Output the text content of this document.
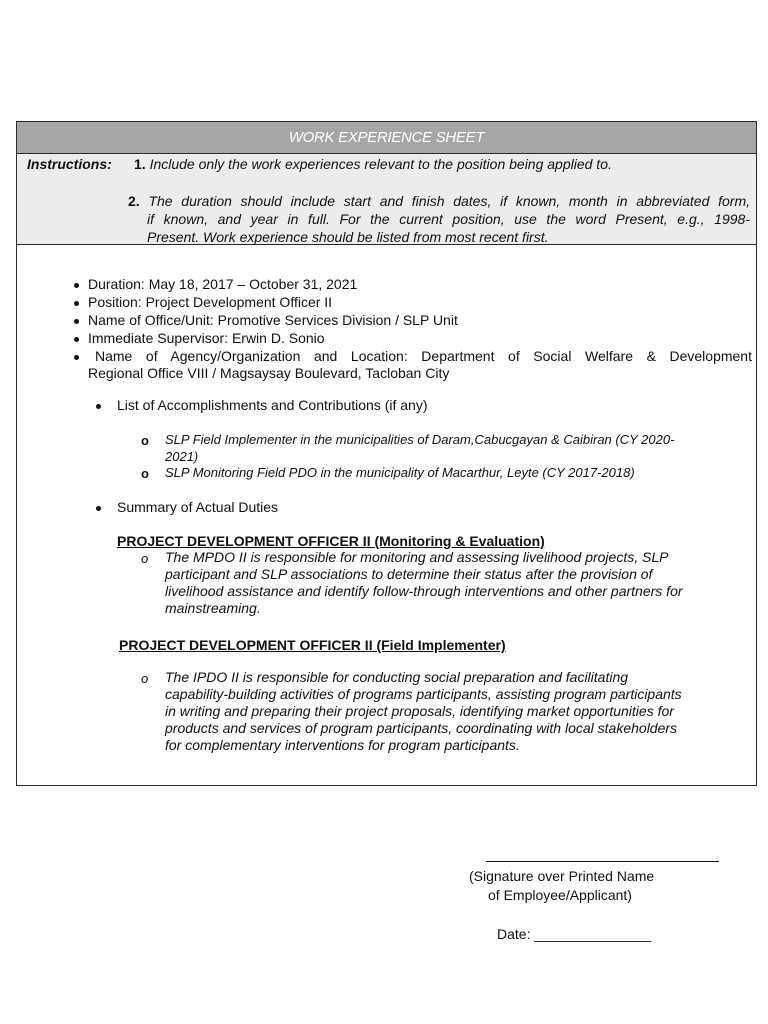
WORK EXPERIENCE SHEET
Instructions: 1. Include only the work experiences relevant to the position being applied to.
2. The duration should include start and finish dates, if known, month in abbreviated form,
if known, and year in full. For the current position, use the word Present, e.g., 1998-
Present. Work experience should be listed from most recent first.
Duration: May 18, 2017 – October 31, 2021
Position: Project Development Officer II
Name of Office/Unit: Promotive Services Division / SLP Unit
Immediate Supervisor: Erwin D. Sonio
Name of Agency/Organization and Location: Department of Social Welfare & Development
Regional Office VIII / Magsaysay Boulevard, Tacloban City
List of Accomplishments and Contributions (if any)
o SLP Field Implementer in the municipalities of Daram,Cabucgayan & Caibiran (CY 2020-
2021)
o SLP Monitoring Field PDO in the municipality of Macarthur, Leyte (CY 2017-2018)
Summary of Actual Duties
PROJECT DEVELOPMENT OFFICER II (Monitoring & Evaluation)
o The MPDO II is responsible for monitoring and assessing livelihood projects, SLP
participant and SLP associations to determine their status after the provision of
livelihood assistance and identify follow-through interventions and other partners for
mainstreaming.
PROJECT DEVELOPMENT OFFICER II (Field Implementer)
o The IPDO II is responsible for conducting social preparation and facilitating
capability-building activities of programs participants, assisting program participants
in writing and preparing their project proposals, identifying market opportunities for
products and services of program participants, coordinating with local stakeholders
for complementary interventions for program participants.
(Signature over Printed Name
of Employee/Applicant)
Date: _______________
